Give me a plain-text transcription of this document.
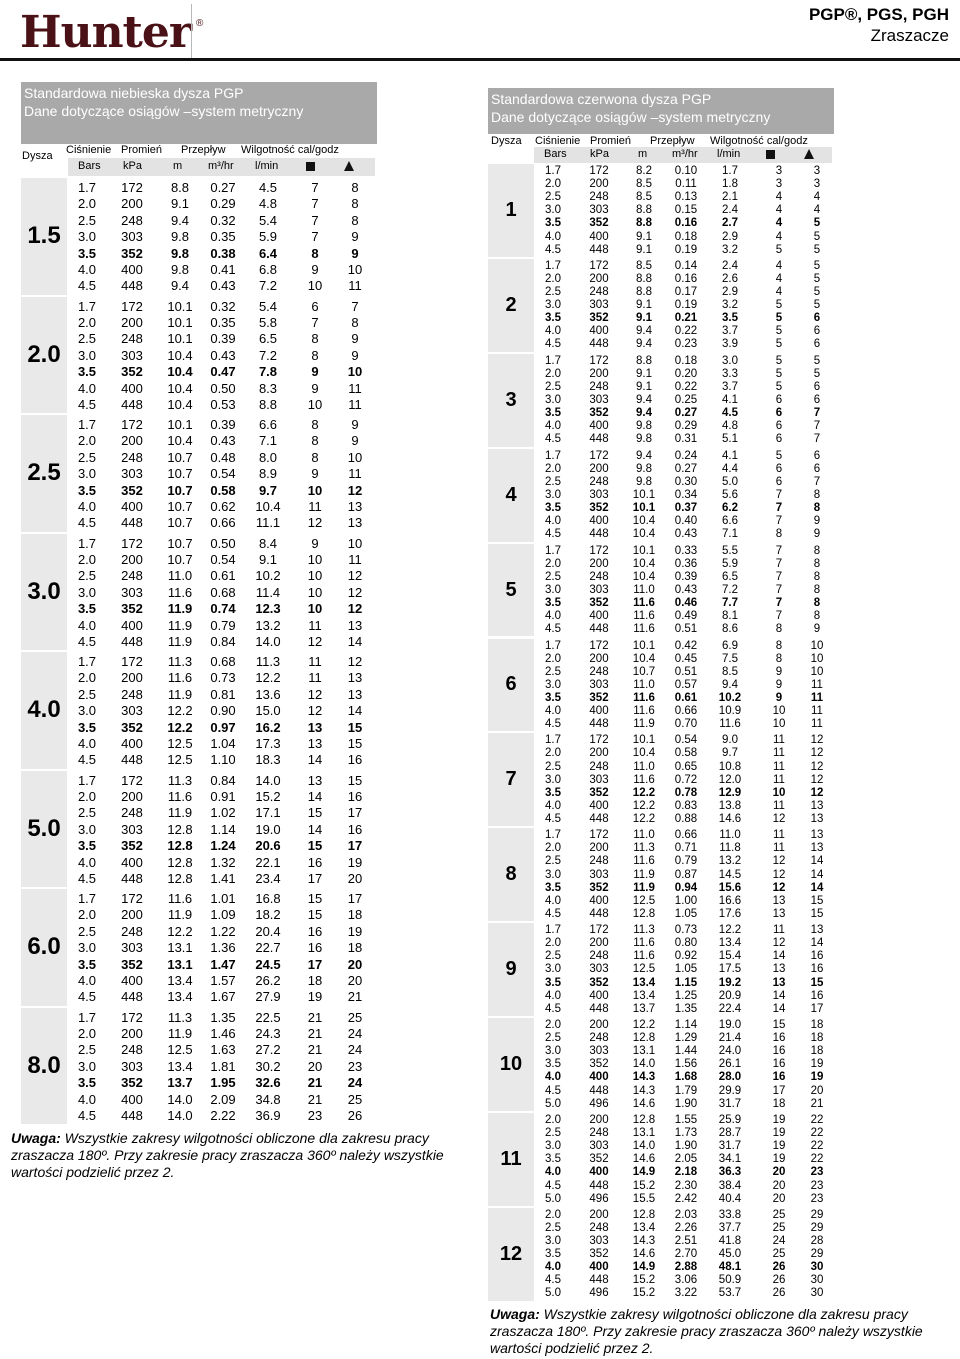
Hunter ®	PGP®, PGS, PGH
Zraszacze
Standardowa niebieska dysza PGP
Dane dotyczące osiągów –system metryczny
Dysza Ciśnienie Promień Przepływ Wilgotność cal/godz
Bars kPa	m m³/hr l/min
1.5
1.7	172	8.8	0.27	4.5	7	8
2.0	200	9.1	0.29	4.8	7	8
2.5	248	9.4	0.32	5.4	7	8
3.0	303	9.8	0.35	5.9	7	9
3.5	352	9.8	0.38	6.4	8	9
4.0	400	9.8	0.41	6.8	9	10
4.5	448	9.4	0.43	7.2	10	11
2.0
1.7	172	10.1	0.32	5.4	6	7
2.0	200	10.1	0.35	5.8	7	8
2.5	248	10.1	0.39	6.5	8	9
3.0	303	10.4	0.43	7.2	8	9
3.5	352	10.4	0.47	7.8	9	10
4.0	400	10.4	0.50	8.3	9	11
4.5	448	10.4	0.53	8.8	10	11
2.5
1.7	172	10.1	0.39	6.6	8	9
2.0	200	10.4	0.43	7.1	8	9
2.5	248	10.7	0.48	8.0	8	10
3.0	303	10.7	0.54	8.9	9	11
3.5	352	10.7	0.58	9.7	10	12
4.0	400	10.7	0.62	10.4	11	13
4.5	448	10.7	0.66	11.1	12	13
3.0
1.7	172	10.7	0.50	8.4	9	10
2.0	200	10.7	0.54	9.1	10	11
2.5	248	11.0	0.61	10.2	10	12
3.0	303	11.6	0.68	11.4	10	12
3.5	352	11.9	0.74	12.3	10	12
4.0	400	11.9	0.79	13.2	11	13
4.5	448	11.9	0.84	14.0	12	14
4.0
1.7	172	11.3	0.68	11.3	11	12
2.0	200	11.6	0.73	12.2	11	13
2.5	248	11.9	0.81	13.6	12	13
3.0	303	12.2	0.90	15.0	12	14
3.5	352	12.2	0.97	16.2	13	15
4.0	400	12.5	1.04	17.3	13	15
4.5	448	12.5	1.10	18.3	14	16
5.0
1.7	172	11.3	0.84	14.0	13	15
2.0	200	11.6	0.91	15.2	14	16
2.5	248	11.9	1.02	17.1	15	17
3.0	303	12.8	1.14	19.0	14	16
3.5	352	12.8	1.24	20.6	15	17
4.0	400	12.8	1.32	22.1	16	19
4.5	448	12.8	1.41	23.4	17	20
6.0
1.7	172	11.6	1.01	16.8	15	17
2.0	200	11.9	1.09	18.2	15	18
2.5	248	12.2	1.22	20.4	16	19
3.0	303	13.1	1.36	22.7	16	18
3.5	352	13.1	1.47	24.5	17	20
4.0	400	13.4	1.57	26.2	18	20
4.5	448	13.4	1.67	27.9	19	21
8.0
1.7	172	11.3	1.35	22.5	21	25
2.0	200	11.9	1.46	24.3	21	24
2.5	248	12.5	1.63	27.2	21	24
3.0	303	13.4	1.81	30.2	20	23
3.5	352	13.7	1.95	32.6	21	24
4.0	400	14.0	2.09	34.8	21	25
4.5	448	14.0	2.22	36.9	23	26
Uwaga: Wszystkie zakresy wilgotności obliczone dla zakresu pracy zraszacza 180º. Przy zakresie pracy zraszacza 360º należy wszystkie wartości podzielić przez 2.
Standardowa czerwona dysza PGP
Dane dotyczące osiągów –system metryczny
Dysza Ciśnienie Promień Przepływ Wilgotność cal/godz
Bars kPa	m m³/hr l/min
1
1.7	172	8.2	0.10	1.7	3	3
2.0	200	8.5	0.11	1.8	3	3
2.5	248	8.5	0.13	2.1	4	4
3.0	303	8.8	0.15	2.4	4	4
3.5	352	8.8	0.16	2.7	4	5
4.0	400	9.1	0.18	2.9	4	5
4.5	448	9.1	0.19	3.2	5	5
2
1.7	172	8.5	0.14	2.4	4	5
2.0	200	8.8	0.16	2.6	4	5
2.5	248	8.8	0.17	2.9	4	5
3.0	303	9.1	0.19	3.2	5	5
3.5	352	9.1	0.21	3.5	5	6
4.0	400	9.4	0.22	3.7	5	6
4.5	448	9.4	0.23	3.9	5	6
3
1.7	172	8.8	0.18	3.0	5	5
2.0	200	9.1	0.20	3.3	5	5
2.5	248	9.1	0.22	3.7	5	6
3.0	303	9.4	0.25	4.1	6	6
3.5	352	9.4	0.27	4.5	6	7
4.0	400	9.8	0.29	4.8	6	7
4.5	448	9.8	0.31	5.1	6	7
4
1.7	172	9.4	0.24	4.1	5	6
2.0	200	9.8	0.27	4.4	6	6
2.5	248	9.8	0.30	5.0	6	7
3.0	303	10.1	0.34	5.6	7	8
3.5	352	10.1	0.37	6.2	7	8
4.0	400	10.4	0.40	6.6	7	9
4.5	448	10.4	0.43	7.1	8	9
5
1.7	172	10.1	0.33	5.5	7	8
2.0	200	10.4	0.36	5.9	7	8
2.5	248	10.4	0.39	6.5	7	8
3.0	303	11.0	0.43	7.2	7	8
3.5	352	11.6	0.46	7.7	7	8
4.0	400	11.6	0.49	8.1	7	8
4.5	448	11.6	0.51	8.6	8	9
6
1.7	172	10.1	0.42	6.9	8	10
2.0	200	10.4	0.45	7.5	8	10
2.5	248	10.7	0.51	8.5	9	10
3.0	303	11.0	0.57	9.4	9	11
3.5	352	11.6	0.61	10.2	9	11
4.0	400	11.6	0.66	10.9	10	11
4.5	448	11.9	0.70	11.6	10	11
7
1.7	172	10.1	0.54	9.0	11	12
2.0	200	10.4	0.58	9.7	11	12
2.5	248	11.0	0.65	10.8	11	12
3.0	303	11.6	0.72	12.0	11	12
3.5	352	12.2	0.78	12.9	10	12
4.0	400	12.2	0.83	13.8	11	13
4.5	448	12.2	0.88	14.6	12	13
8
1.7	172	11.0	0.66	11.0	11	13
2.0	200	11.3	0.71	11.8	11	13
2.5	248	11.6	0.79	13.2	12	14
3.0	303	11.9	0.87	14.5	12	14
3.5	352	11.9	0.94	15.6	12	14
4.0	400	12.5	1.00	16.6	13	15
4.5	448	12.8	1.05	17.6	13	15
9
1.7	172	11.3	0.73	12.2	11	13
2.0	200	11.6	0.80	13.4	12	14
2.5	248	11.6	0.92	15.4	14	16
3.0	303	12.5	1.05	17.5	13	16
3.5	352	13.4	1.15	19.2	13	15
4.0	400	13.4	1.25	20.9	14	16
4.5	448	13.7	1.35	22.4	14	17
10
2.0	200	12.2	1.14	19.0	15	18
2.5	248	12.8	1.29	21.4	16	18
3.0	303	13.1	1.44	24.0	16	18
3.5	352	14.0	1.56	26.1	16	19
4.0	400	14.3	1.68	28.0	16	19
4.5	448	14.3	1.79	29.9	17	20
5.0	496	14.6	1.90	31.7	18	21
11
2.0	200	12.8	1.55	25.9	19	22
2.5	248	13.1	1.73	28.7	19	22
3.0	303	14.0	1.90	31.7	19	22
3.5	352	14.6	2.05	34.1	19	22
4.0	400	14.9	2.18	36.3	20	23
4.5	448	15.2	2.30	38.4	20	23
5.0	496	15.5	2.42	40.4	20	23
12
2.0	200	12.8	2.03	33.8	25	29
2.5	248	13.4	2.26	37.7	25	29
3.0	303	14.3	2.51	41.8	24	28
3.5	352	14.6	2.70	45.0	25	29
4.0	400	14.9	2.88	48.1	26	30
4.5	448	15.2	3.06	50.9	26	30
5.0	496	15.2	3.22	53.7	26	30
Uwaga: Wszystkie zakresy wilgotności obliczone dla zakresu pracy zraszacza 180º. Przy zakresie pracy zraszacza 360º należy wszystkie wartości podzielić przez 2.
